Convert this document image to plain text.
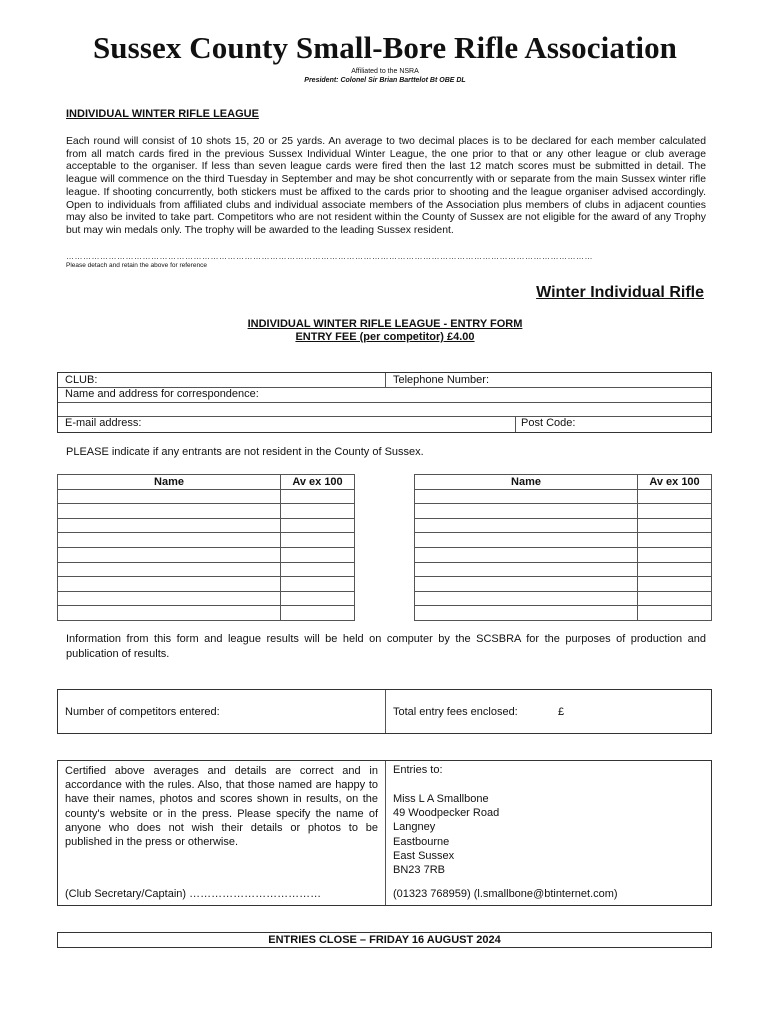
Sussex County Small-Bore Rifle Association
Affiliated to the NSRA
President: Colonel Sir Brian Barttelot Bt OBE DL
INDIVIDUAL WINTER RIFLE LEAGUE
Each round will consist of 10 shots 15, 20 or 25 yards. An average to two decimal places is to be declared for each member calculated from all match cards fired in the previous Sussex Individual Winter League, the one prior to that or any other league or club average acceptable to the organiser. If less than seven league cards were fired then the last 12 match scores must be submitted in detail. The league will commence on the third Tuesday in September and may be shot concurrently with or separate from the main Sussex winter rifle league. If shooting concurrently, both stickers must be affixed to the cards prior to shooting and the league organiser advised accordingly. Open to individuals from affiliated clubs and individual associate members of the Association plus members of clubs in adjacent counties may also be invited to take part. Competitors who are not resident within the County of Sussex are not eligible for the award of any Trophy but may win medals only. The trophy will be awarded to the leading Sussex resident.
……………………………………………………………………………………………………………………………………………………………………
Please detach and retain the above for reference
Winter Individual Rifle
INDIVIDUAL WINTER RIFLE LEAGUE - ENTRY FORM
ENTRY FEE (per competitor) £4.00
CLUB:	Telephone Number:
Name and address for correspondence:
E-mail address:	Post Code:
PLEASE indicate if any entrants are not resident in the County of Sussex.
Name	Av ex 100

		Name	Av ex 100

Information from this form and league results will be held on computer by the SCSBRA for the purposes of production and publication of results.
Number of competitors entered:	Total entry fees enclosed:	£
Certified above averages and details are correct and in accordance with the rules. Also, that those named are happy to have their names, photos and scores shown in results, on the county's website or in the press. Please specify the name of anyone who does not wish their details or photos to be published in the press or otherwise.
(Club Secretary/Captain) ………………………………
Entries to:
Miss L A Smallbone
49 Woodpecker Road
Langney
Eastbourne
East Sussex
BN23 7RB
(01323 768959) (l.smallbone@btinternet.com)
ENTRIES CLOSE – FRIDAY 16 AUGUST 2024
